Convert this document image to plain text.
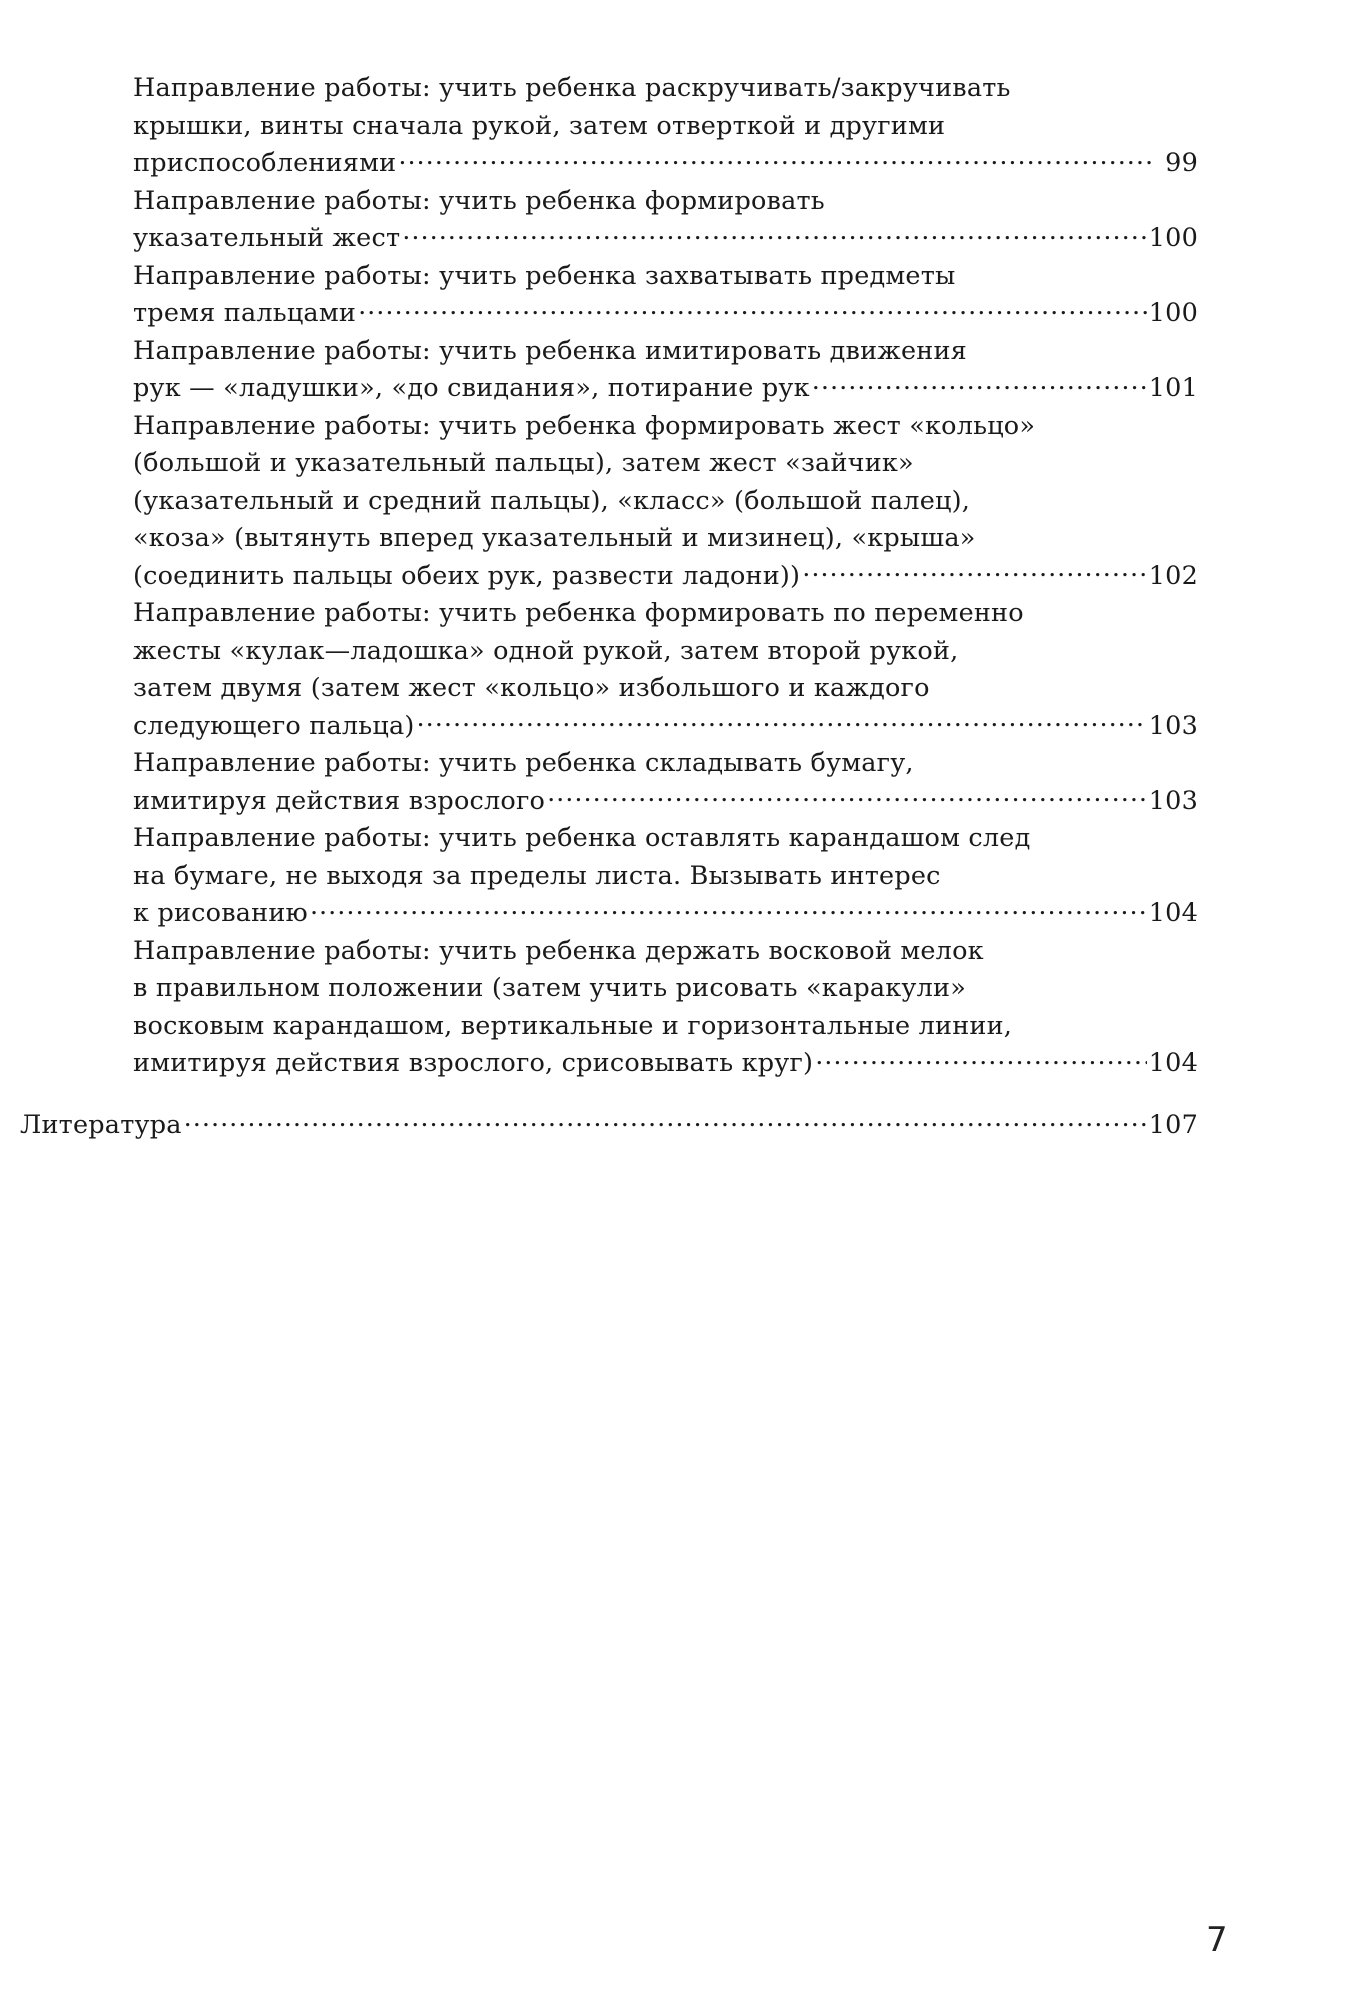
Направление работы: учить ребенка раскручивать/закручивать
крышки, винты сначала рукой, затем отверткой и другими
приспособлениями .....	99
Направление работы: учить ребенка формировать
указательный жест .....	100
Направление работы: учить ребенка захватывать предметы
тремя пальцами .....	100
Направление работы: учить ребенка имитировать движения
рук — «ладушки», «до свидания», потирание рук .....	101
Направление работы: учить ребенка формировать жест «кольцо»
(большой и указательный пальцы), затем жест «зайчик»
(указательный и средний пальцы), «класс» (большой палец),
«коза» (вытянуть вперед указательный и мизинец), «крыша»
(соединить пальцы обеих рук, развести ладони)) .....	102
Направление работы: учить ребенка формировать по переменно
жесты «кулак—ладошка» одной рукой, затем второй рукой,
затем двумя (затем жест «кольцо» избольшого и каждого
следующего пальца) .....	103
Направление работы: учить ребенка складывать бумагу,
имитируя действия взрослого .....	103
Направление работы: учить ребенка оставлять карандашом след
на бумаге, не выходя за пределы листа. Вызывать интерес
к рисованию .....	104
Направление работы: учить ребенка держать восковой мелок
в правильном положении (затем учить рисовать «каракули»
восковым карандашом, вертикальные и горизонтальные линии,
имитируя действия взрослого, срисовывать круг) .....	104
Литература .....	107
7
